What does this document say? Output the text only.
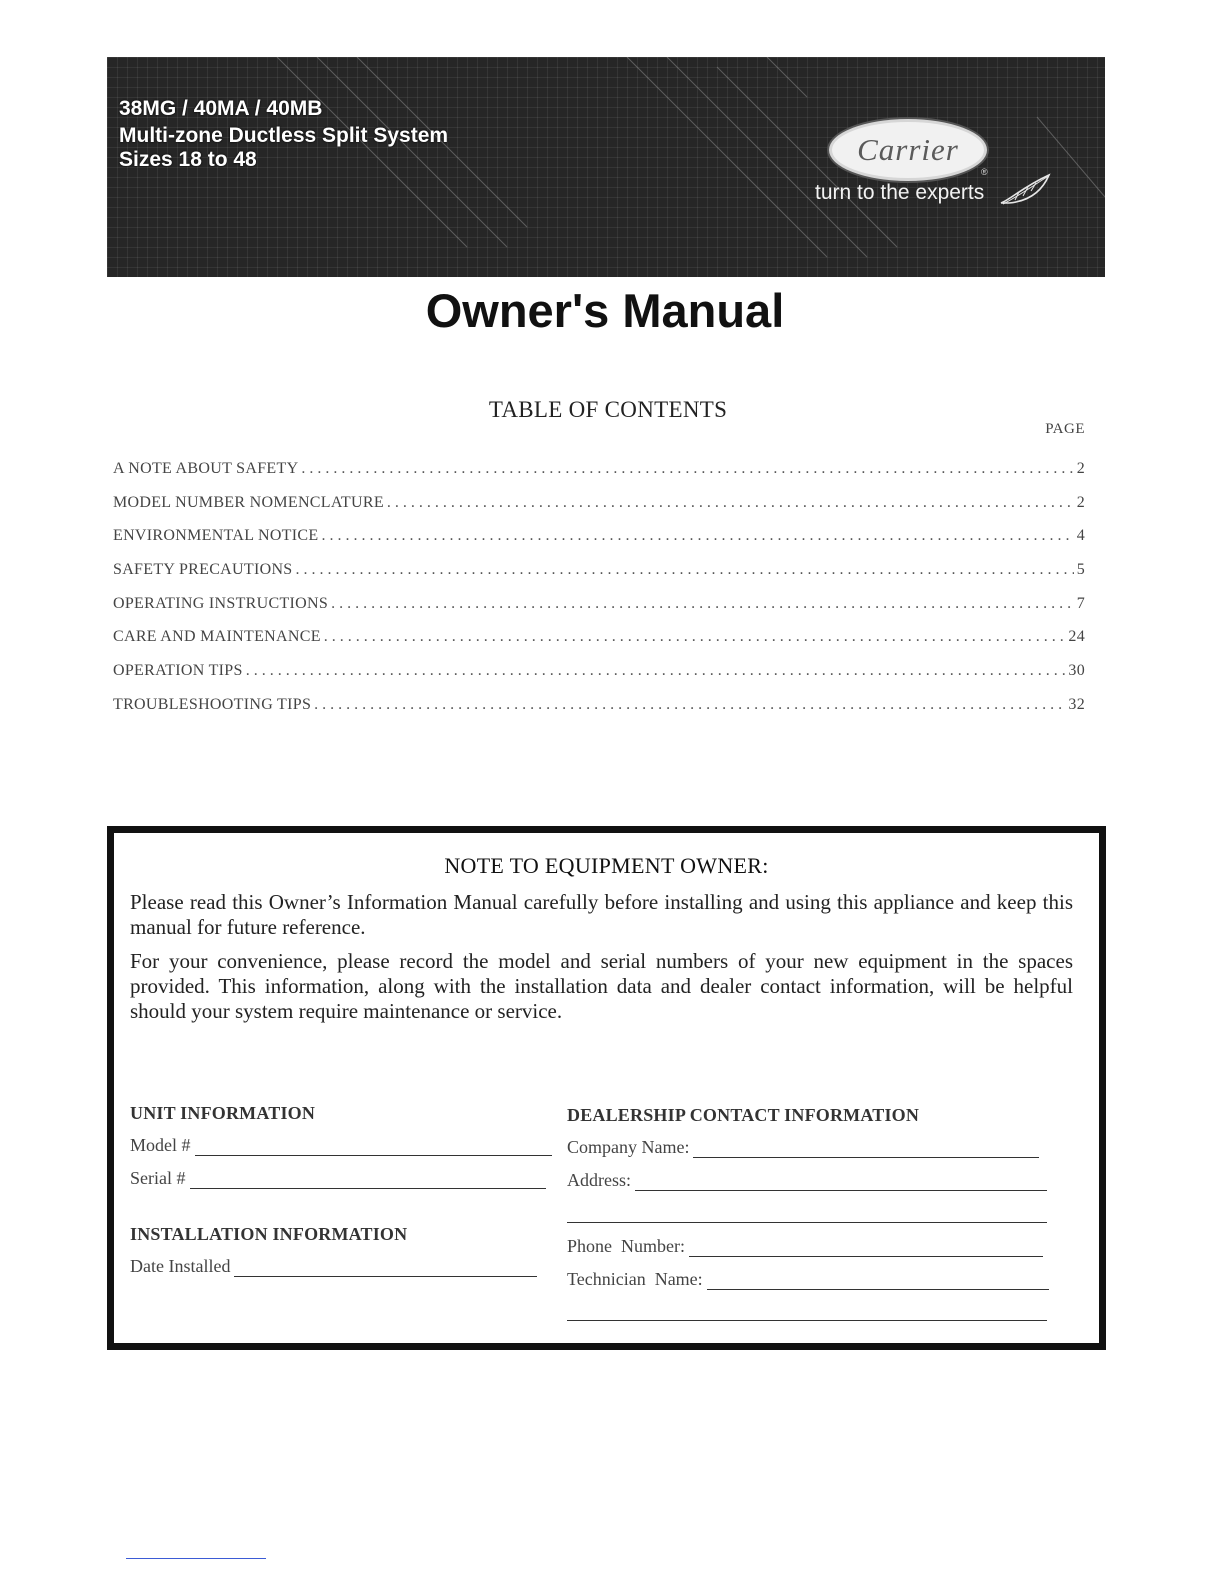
38MG / 40MA / 40MB
Multi-zone Ductless Split System
Sizes 18 to 48	Carrier
®
turn to the experts
Owner's Manual
TABLE OF CONTENTS
PAGE
A NOTE ABOUT SAFETY . . .	2
MODEL NUMBER NOMENCLATURE . . .	2
ENVIRONMENTAL NOTICE . . .	4
SAFETY PRECAUTIONS . . .	5
OPERATING INSTRUCTIONS . . .	7
CARE AND MAINTENANCE . . .	24
OPERATION TIPS . . .	30
TROUBLESHOOTING TIPS . . .	32
NOTE TO EQUIPMENT OWNER:

Please read this Owner’s Information Manual carefully before installing and using this appliance and keep this manual for future reference.

For your convenience, please record the model and serial numbers of your new equipment in the spaces provided. This information, along with the installation data and dealer contact information, will be helpful should your system require maintenance or service.

UNIT INFORMATION
Model #
Serial #
INSTALLATION INFORMATION
Date Installed
DEALERSHIP CONTACT INFORMATION
Company Name:
Address:
Phone  Number:
Technician  Name:
